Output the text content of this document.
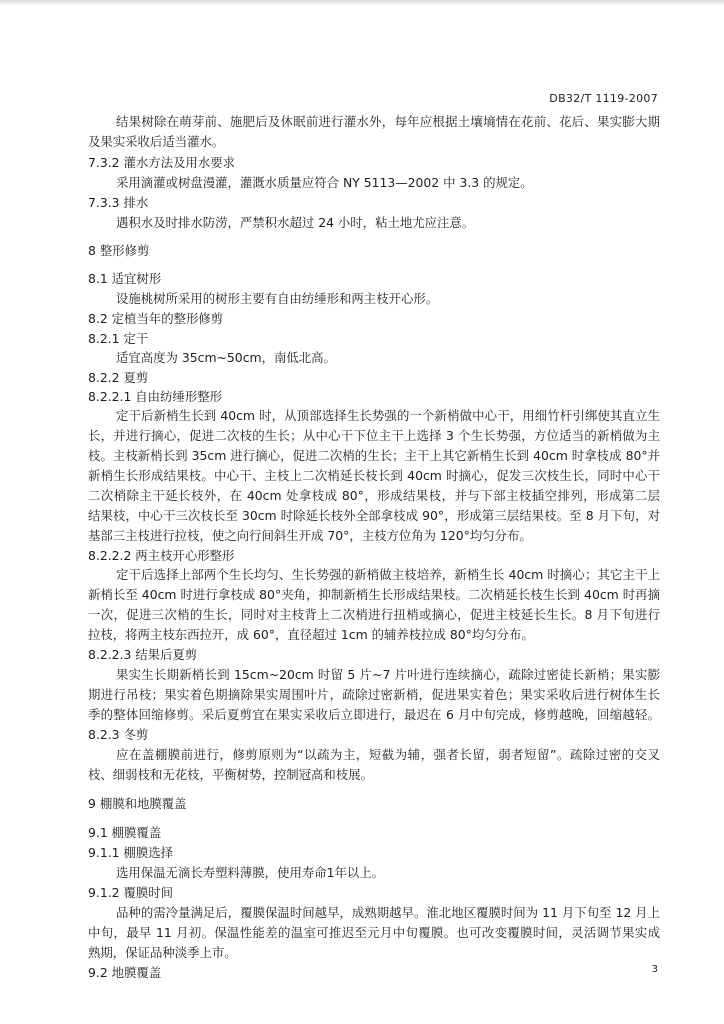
DB32/T 1119-2007
结果树除在萌芽前、施肥后及休眠前进行灌水外，每年应根据土壤墒情在花前、花后、果实膨大期
及果实采收后适当灌水。
7.3.2 灌水方法及用水要求
采用滴灌或树盘漫灌，灌溉水质量应符合 NY 5113—2002 中 3.3 的规定。
7.3.3 排水
遇积水及时排水防涝，严禁积水超过 24 小时，粘土地尤应注意。
8 整形修剪
8.1 适宜树形
设施桃树所采用的树形主要有自由纺缍形和两主枝开心形。
8.2 定植当年的整形修剪
8.2.1 定干
适宜高度为 35cm~50cm，南低北高。
8.2.2 夏剪
8.2.2.1 自由纺缍形整形
定干后新梢生长到 40cm 时，从顶部选择生长势强的一个新梢做中心干，用细竹杆引绑使其直立生
长，并进行摘心，促进二次枝的生长；从中心干下位主干上选择 3 个生长势强，方位适当的新梢做为主
枝。主枝新梢长到 35cm 进行摘心，促进二次梢的生长；主干上其它新梢生长到 40cm 时拿枝成 80°并
新梢生长形成结果枝。中心干、主枝上二次梢延长枝长到 40cm 时摘心，促发三次枝生长，同时中心干
二次梢除主干延长枝外，在 40cm 处拿枝成 80°，形成结果枝，并与下部主枝插空排列，形成第二层
结果枝，中心干三次枝长至 30cm 时除延长枝外全部拿枝成 90°，形成第三层结果枝。至 8 月下旬，对
基部三主枝进行拉枝，使之向行间斜生开成 70°，主枝方位角为 120°均匀分布。
8.2.2.2 两主枝开心形整形
定干后选择上部两个生长均匀、生长势强的新梢做主枝培养，新梢生长 40cm 时摘心；其它主干上
新梢长至 40cm 时进行拿枝成 80°夹角，抑制新梢生长形成结果枝。二次梢延长枝生长到 40cm 时再摘
一次，促进三次梢的生长，同时对主枝背上二次梢进行扭梢或摘心，促进主枝延长生长。8 月下旬进行
拉枝，将两主枝东西拉开，成 60°，直径超过 1cm 的辅养枝拉成 80°均匀分布。
8.2.2.3 结果后夏剪
果实生长期新梢长到 15cm~20cm 时留 5 片~7 片叶进行连续摘心，疏除过密徒长新梢；果实膨
期进行吊枝；果实着色期摘除果实周围叶片，疏除过密新梢，促进果实着色；果实采收后进行树体生长
季的整体回缩修剪。采后夏剪宜在果实采收后立即进行，最迟在 6 月中旬完成，修剪越晚，回缩越轻。
8.2.3 冬剪
应在盖棚膜前进行，修剪原则为“以疏为主，短截为辅，强者长留，弱者短留”。疏除过密的交叉
枝、细弱枝和无花枝，平衡树势，控制冠高和枝展。
9 棚膜和地膜覆盖
9.1 棚膜覆盖
9.1.1 棚膜选择
选用保温无滴长寿塑料薄膜，使用寿命1年以上。
9.1.2 覆膜时间
品种的需冷量满足后，覆膜保温时间越早，成熟期越早。淮北地区覆膜时间为 11 月下旬至 12 月上
中旬，最早 11 月初。保温性能差的温室可推迟至元月中旬覆膜。也可改变覆膜时间，灵活调节果实成
熟期，保证品种淡季上市。
9.2 地膜覆盖	3
